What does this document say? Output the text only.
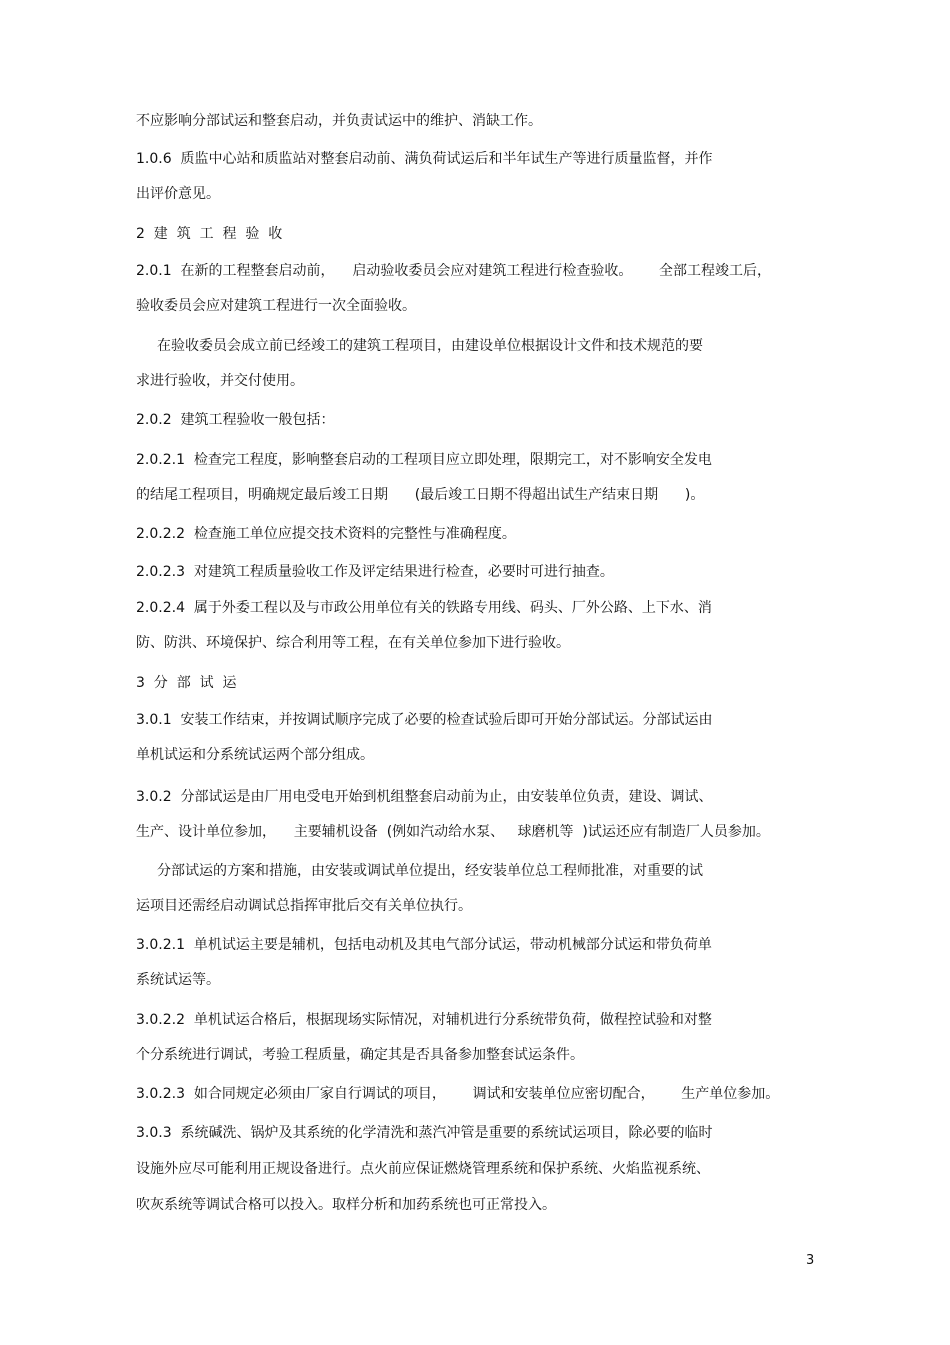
不应影响分部试运和整套启动，并负责试运中的维护、消缺工作。
1.0.6  质监中心站和质监站对整套启动前、满负荷试运后和半年试生产等进行质量监督，并作
出评价意见。
2  建  筑  工  程  验  收
2.0.1  在新的工程整套启动前，    启动验收委员会应对建筑工程进行检查验收。      全部工程竣工后，
验收委员会应对建筑工程进行一次全面验收。
在验收委员会成立前已经竣工的建筑工程项目，由建设单位根据设计文件和技术规范的要
求进行验收，并交付使用。
2.0.2  建筑工程验收一般包括：
2.0.2.1  检查完工程度，影响整套启动的工程项目应立即处理，限期完工，对不影响安全发电
的结尾工程项目，明确规定最后竣工日期      (最后竣工日期不得超出试生产结束日期      )。
2.0.2.2  检查施工单位应提交技术资料的完整性与准确程度。
2.0.2.3  对建筑工程质量验收工作及评定结果进行检查，必要时可进行抽查。
2.0.2.4  属于外委工程以及与市政公用单位有关的铁路专用线、码头、厂外公路、上下水、消
防、防洪、环境保护、综合利用等工程，在有关单位参加下进行验收。
3  分  部  试  运
3.0.1  安装工作结束，并按调试顺序完成了必要的检查试验后即可开始分部试运。分部试运由
单机试运和分系统试运两个部分组成。
3.0.2  分部试运是由厂用电受电开始到机组整套启动前为止，由安装单位负责，建设、调试、
生产、设计单位参加，    主要辅机设备  (例如汽动给水泵、   球磨机等  )试运还应有制造厂人员参加。
分部试运的方案和措施，由安装或调试单位提出，经安装单位总工程师批准，对重要的试
运项目还需经启动调试总指挥审批后交有关单位执行。
3.0.2.1  单机试运主要是辅机，包括电动机及其电气部分试运，带动机械部分试运和带负荷单
系统试运等。
3.0.2.2  单机试运合格后，根据现场实际情况，对辅机进行分系统带负荷，做程控试验和对整
个分系统进行调试，考验工程质量，确定其是否具备参加整套试运条件。
3.0.2.3  如合同规定必须由厂家自行调试的项目，      调试和安装单位应密切配合，      生产单位参加。
3.0.3  系统碱洗、锅炉及其系统的化学清洗和蒸汽冲管是重要的系统试运项目，除必要的临时
设施外应尽可能利用正规设备进行。点火前应保证燃烧管理系统和保护系统、火焰监视系统、
吹灰系统等调试合格可以投入。取样分析和加药系统也可正常投入。
3
